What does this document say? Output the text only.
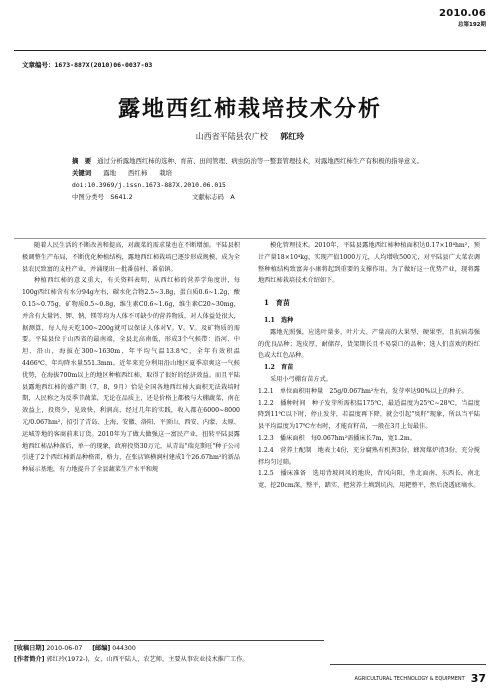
2010.06
总第192期
文章编号：1673-887X(2010)06-0037-03
露地西红柿栽培技术分析
山西省平陆县农广校 郭红玲
摘　要 通过分析露地西红柿的选种、育苗、田间管理、病虫防治等一整套管理技术，对露地西红柿生产有积极的指导意义。
关键词 露地 西红柿 栽培
doi:10.3969/j.issn.1673-887X.2010.06.015
中图分类号　S641.2	文献标志码　A

随着人民生活的不断改善和提高，对蔬菜的需求量也在不断增加。平陆县积极调整生产布局，不断优化种植结构，露地西红柿栽培已逐步形成规模，成为全县农民致富的支柱产业，并涌现出一批番茄村、番茄镇。

种植西红柿的意义重大，有关资料表明，从西红柿的营养学角度讲，每100g西红柿含有水分94g左右，碳水化合物2.5~3.8g，蛋白质0.6~1.2g，酸0.15~0.75g，矿物质0.5~0.8g，维生素C0.6~1.6g，维生素C20~30mg，并含有大量钙、钾、钠、镁等均为人体不可缺少的营养物质，对人体益处很大，据测算，每人每天吃100~200g就可以保证人体对V。V。V。及矿物质的需要。平陆县位于山西省的最南端，全县北高南低，形成3个气候带：沿河、中坦、沿山，海拔在300~1630m，年平均气温13.8℃，全年有效积温4466℃，年均降水量551.3mm。近年来充分利用沿山地区夏季凉爽这一气候优势，在海拔700m以上的地区种植西红柿，取得了很好的经济效益。而且平陆县露地西红柿的盛产期（7，8，9月）恰是全国各地西红柿大面积无法栽培时期，人民称之为反季节蔬菜，无论在品质上，还是价格上都极与大棚蔬菜，南在效益上，投资少，见效快，利润高，经过几年的实践，收入都在6000~8000元/0.067hm²，招引了青岛、上海、安徽、洛阳、平顶山、西安、内蒙、太原、运城等地的客商前来订货。2010年为了做大做强这一富民产业，扭转平陆县露地西红柿品种落后，单一的现象，政府投资30万元，从青岛"瑞克斯旺"种子公司引进了2个西红柿新品种格雷，格力，在张店镇横涧村建成1个26.67hm²的新品种展示基地，有力地提升了全县蔬菜生产水平和规

模化管理技术。2010年，平陆县露地西红柿种植面积达0.17×10⁴hm²，预计产量18×10⁴kg，实现产值1000万元，人均增收500元，对平陆县广大菜农调整种植结构致富奔小康将起到重要的支撑作用。为了做好这一优势产业，现将露地西红柿栽培技术介绍如下。

1　育苗
1.1　选种

露地光照强，应选叶量多、叶片大、产量高的大果型、硬果型，且抗病毒强的优良品种；选皮厚，耐储存，货架期长且不易裂口的品种；选人们喜欢的粉红色或大红色品种。

1.2　育苗

采用小弓棚育苗方式。

1.2.1　单位面积用种量　25g/0.067hm²左右，发芽率达90%以上的种子。

1.2.2　播种时间　种子发芽所需积温175℃，最适温度为25℃~28℃，当温度降到11℃以下时，停止发芽，若温度再下降，就会引起"臭籽"现象，所以当平陆县平均温度为17℃左右时，才能育籽苗，一般在3月上旬最佳。

1.2.3　播床面积　每0.067hm²需播床长7m，宽1.2m。

1.2.4　营养土配制　地表土4份，充分腐熟有机粪3份，蜂窝煤炉渣3份，充分搅拌均匀过筛。

1.2.5　播床准备　选用背坡问风的地块，背风向阳，坐北面南，东西长，南北宽，挖20cm深，整平，踏实，把营养土填到坑内，用耙整平，然后浇透底墒水。

[收稿日期] 2010-06-07 [邮编] 044300
[作者简介] 郭红玲(1972-)，女，山西平陆人，农艺师，主要从事农业技术推广工作。
AGRICULTURAL TECHNOLOGY & EQUIPMENT 37
